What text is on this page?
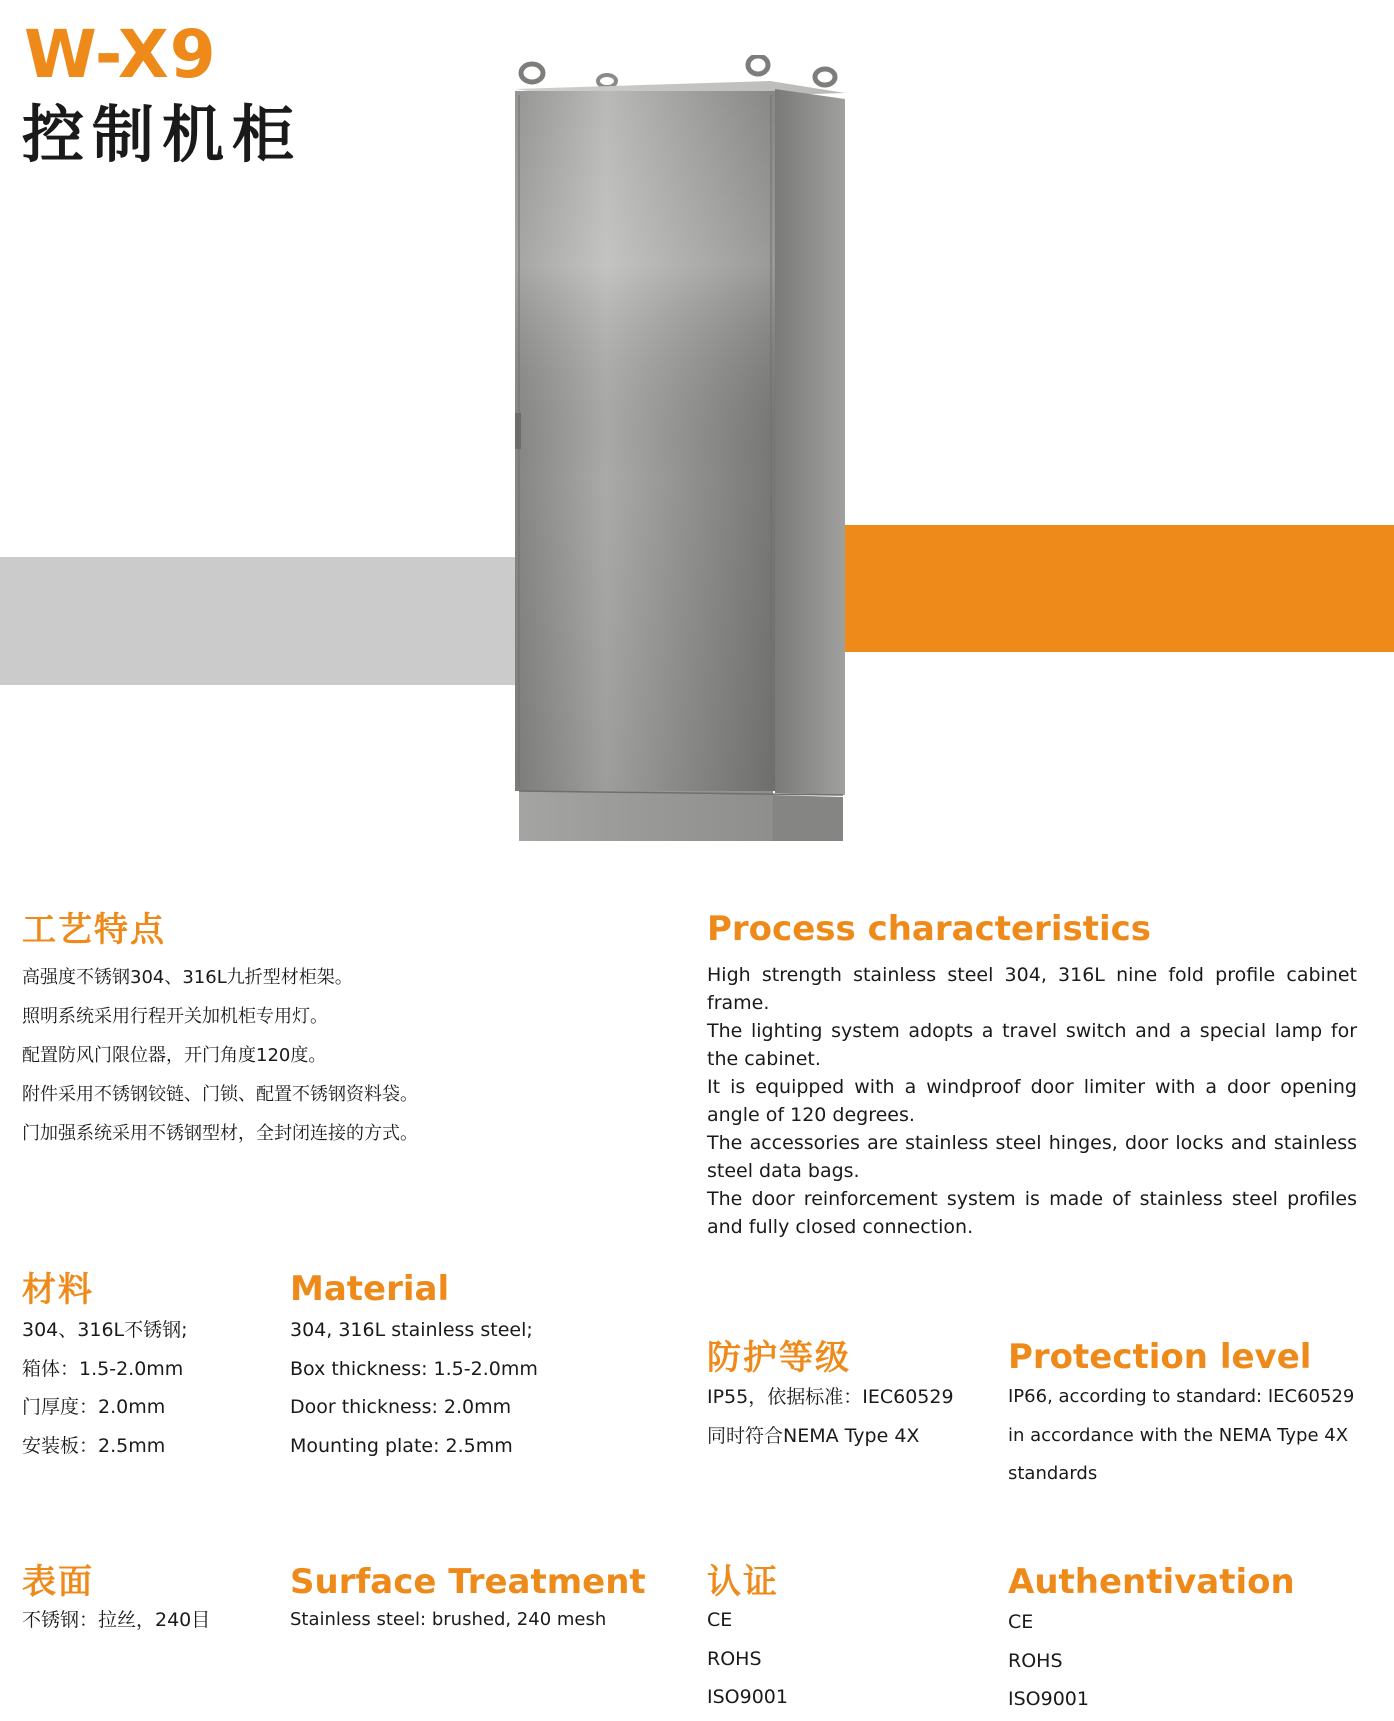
W-X9
控制机柜
工艺特点
高强度不锈钢304、316L九折型材柜架。
照明系统采用行程开关加机柜专用灯。
配置防风门限位器，开门角度120度。
附件采用不锈钢铰链、门锁、配置不锈钢资料袋。
门加强系统采用不锈钢型材，全封闭连接的方式。
Process characteristics
High strength stainless steel 304, 316L nine fold profile cabinet frame.
The lighting system adopts a travel switch and a special lamp for the cabinet.
It is equipped with a windproof door limiter with a door opening angle of 120 degrees.
The accessories are stainless steel hinges, door locks and stainless steel data bags.
The door reinforcement system is made of stainless steel profiles and fully closed connection.
材料
304、316L不锈钢;
箱体：1.5-2.0mm
门厚度：2.0mm
安装板：2.5mm
Material
304, 316L stainless steel;
Box thickness: 1.5-2.0mm
Door thickness: 2.0mm
Mounting plate: 2.5mm
防护等级
IP55，依据标准：IEC60529
同时符合NEMA Type 4X
Protection level
IP66, according to standard: IEC60529
in accordance with the NEMA Type 4X
standards
表面
不锈钢：拉丝，240目
Surface Treatment
Stainless steel: brushed, 240 mesh
认证
CE
ROHS
ISO9001
Authentivation
CE
ROHS
ISO9001
